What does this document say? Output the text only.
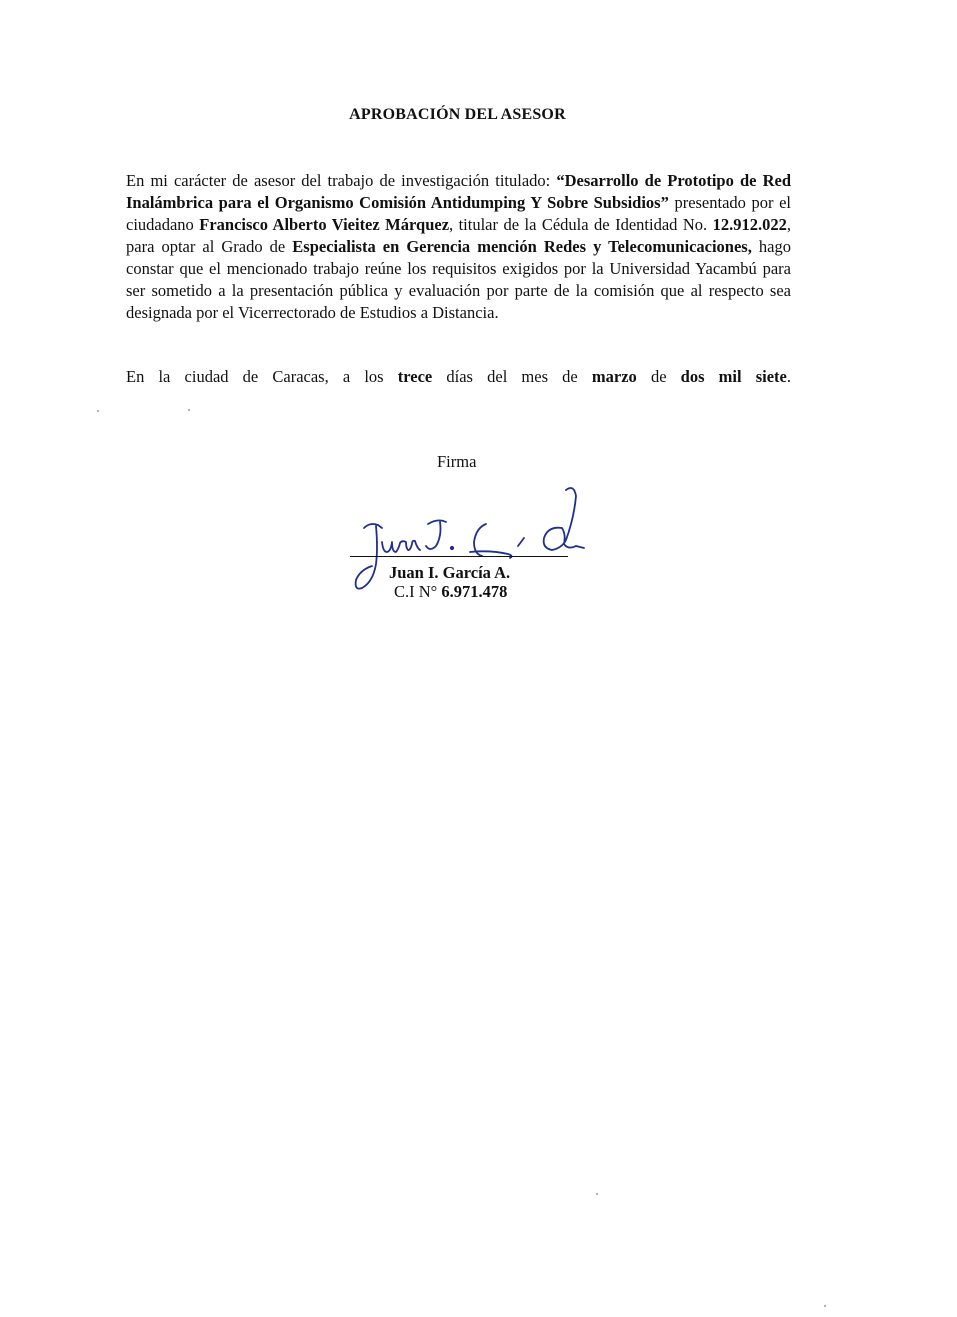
APROBACIÓN DEL ASESOR
En mi carácter de asesor del trabajo de investigación titulado: “Desarrollo de Prototipo de Red Inalámbrica para el Organismo Comisión Antidumping Y Sobre Subsidios” presentado por el ciudadano Francisco Alberto Vieitez Márquez, titular de la Cédula de Identidad No. 12.912.022, para optar al Grado de Especialista en Gerencia mención Redes y Telecomunicaciones, hago constar que el mencionado trabajo reúne los requisitos exigidos por la Universidad Yacambú para ser sometido a la presentación pública y evaluación por parte de la comisión que al respecto sea designada por el Vicerrectorado de Estudios a Distancia.
En la ciudad de Caracas, a los trece días del mes de marzo de dos mil siete.
Firma
Juan I. García A.
C.I N° 6.971.478
